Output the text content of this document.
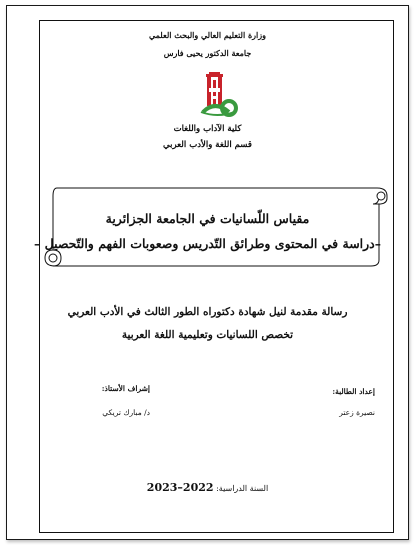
وزارة التعليم العالي والبحث العلمي
جامعة الدكتور يحيى فارس
كلية الآداب واللغات
قسم اللغة والأدب العربي
مقياس اللّسانيات في الجامعة الجزائرية
–دراسة في المحتوى وطرائق التّدريس وصعوبات الفهم والتّحصيل –
رسالة مقدمة لنيل شهادة دكتوراه الطور الثالث في الأدب العربي
تخصص اللسانيات وتعليمية اللغة العربية
إعداد الطالبة:
نصيرة زعتر
إشراف الأستاذ:
د/ مبارك تريكي
السنة الدراسية: 2022–2023
